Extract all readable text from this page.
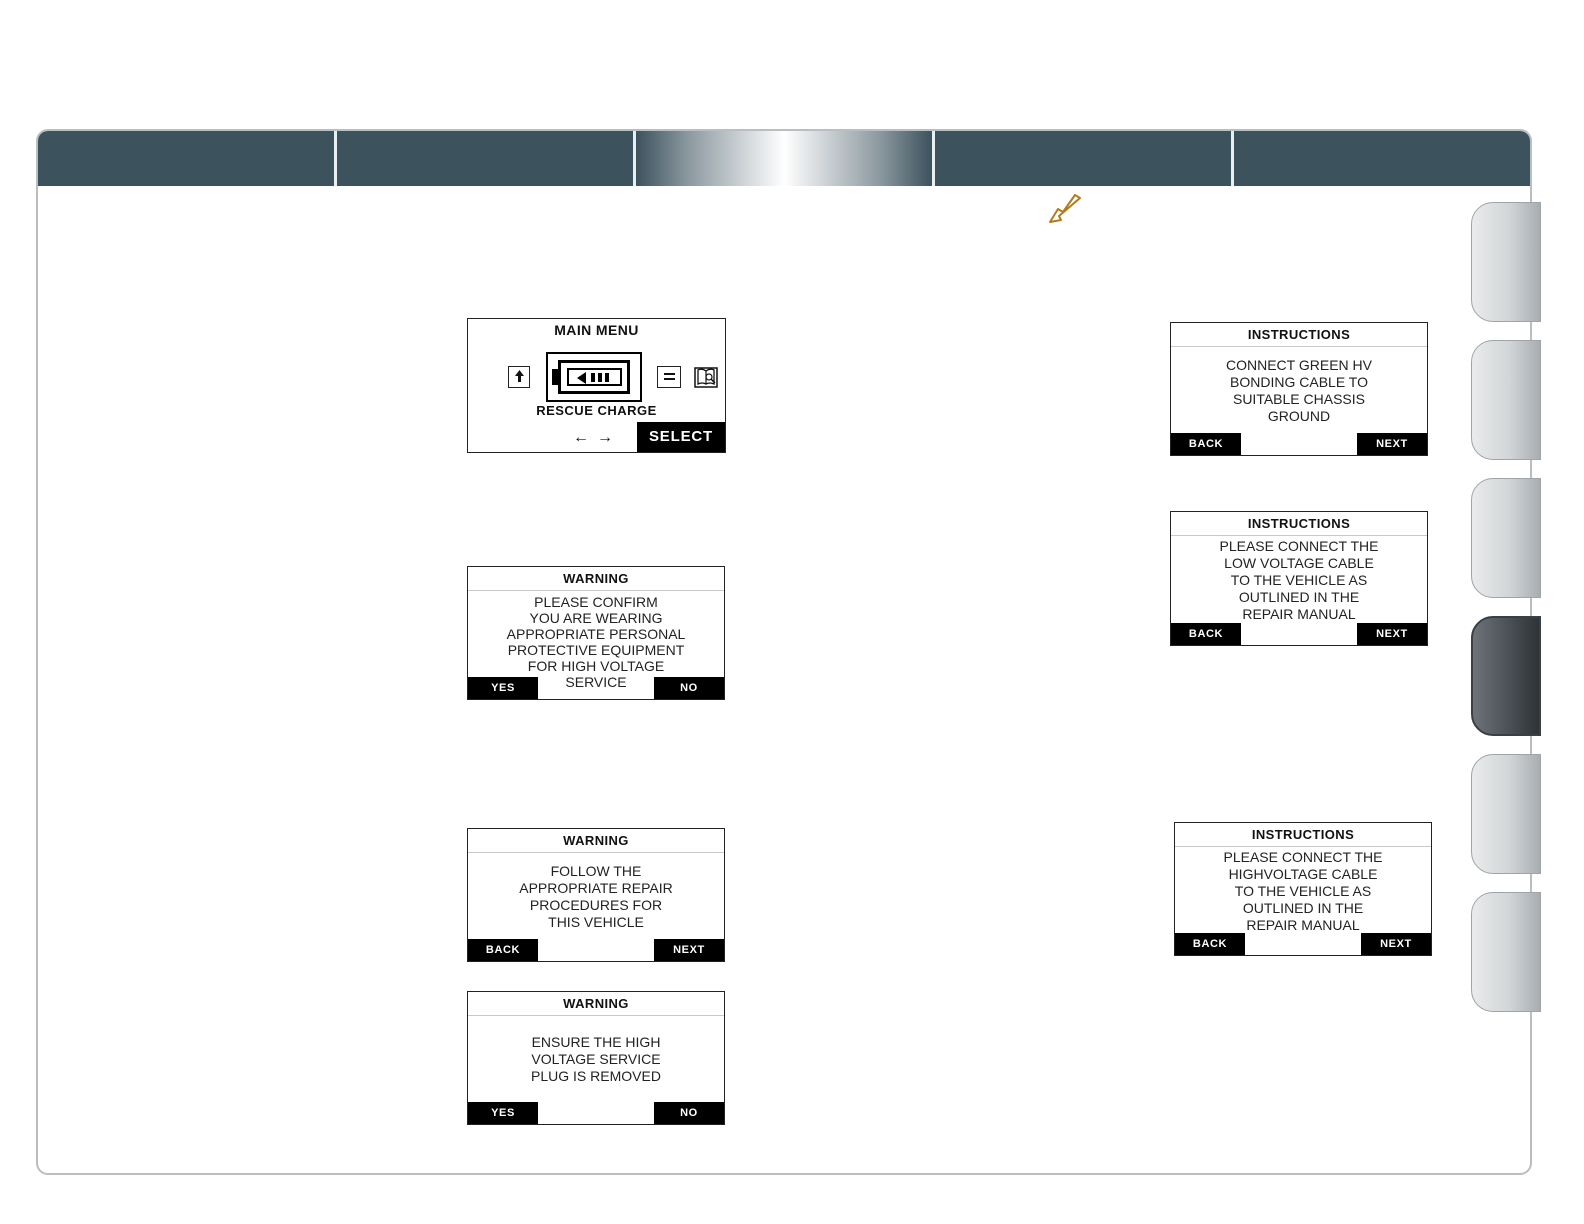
MAIN MENU
RESCUE CHARGE
←→	SELECT
WARNING
PLEASE CONFIRM
YOU ARE WEARING
APPROPRIATE PERSONAL
PROTECTIVE EQUIPMENT
FOR HIGH VOLTAGE
SERVICE
YES	NO
WARNING
FOLLOW THE
APPROPRIATE REPAIR
PROCEDURES FOR
THIS VEHICLE
BACK	NEXT
WARNING
ENSURE THE HIGH
VOLTAGE SERVICE
PLUG IS REMOVED
YES	NO
INSTRUCTIONS
CONNECT GREEN HV
BONDING CABLE TO
SUITABLE CHASSIS
GROUND
BACK	NEXT
INSTRUCTIONS
PLEASE CONNECT THE
LOW VOLTAGE CABLE
TO THE VEHICLE AS
OUTLINED IN THE
REPAIR MANUAL
BACK	NEXT
INSTRUCTIONS
PLEASE CONNECT THE
HIGHVOLTAGE CABLE
TO THE VEHICLE AS
OUTLINED IN THE
REPAIR MANUAL
BACK	NEXT
